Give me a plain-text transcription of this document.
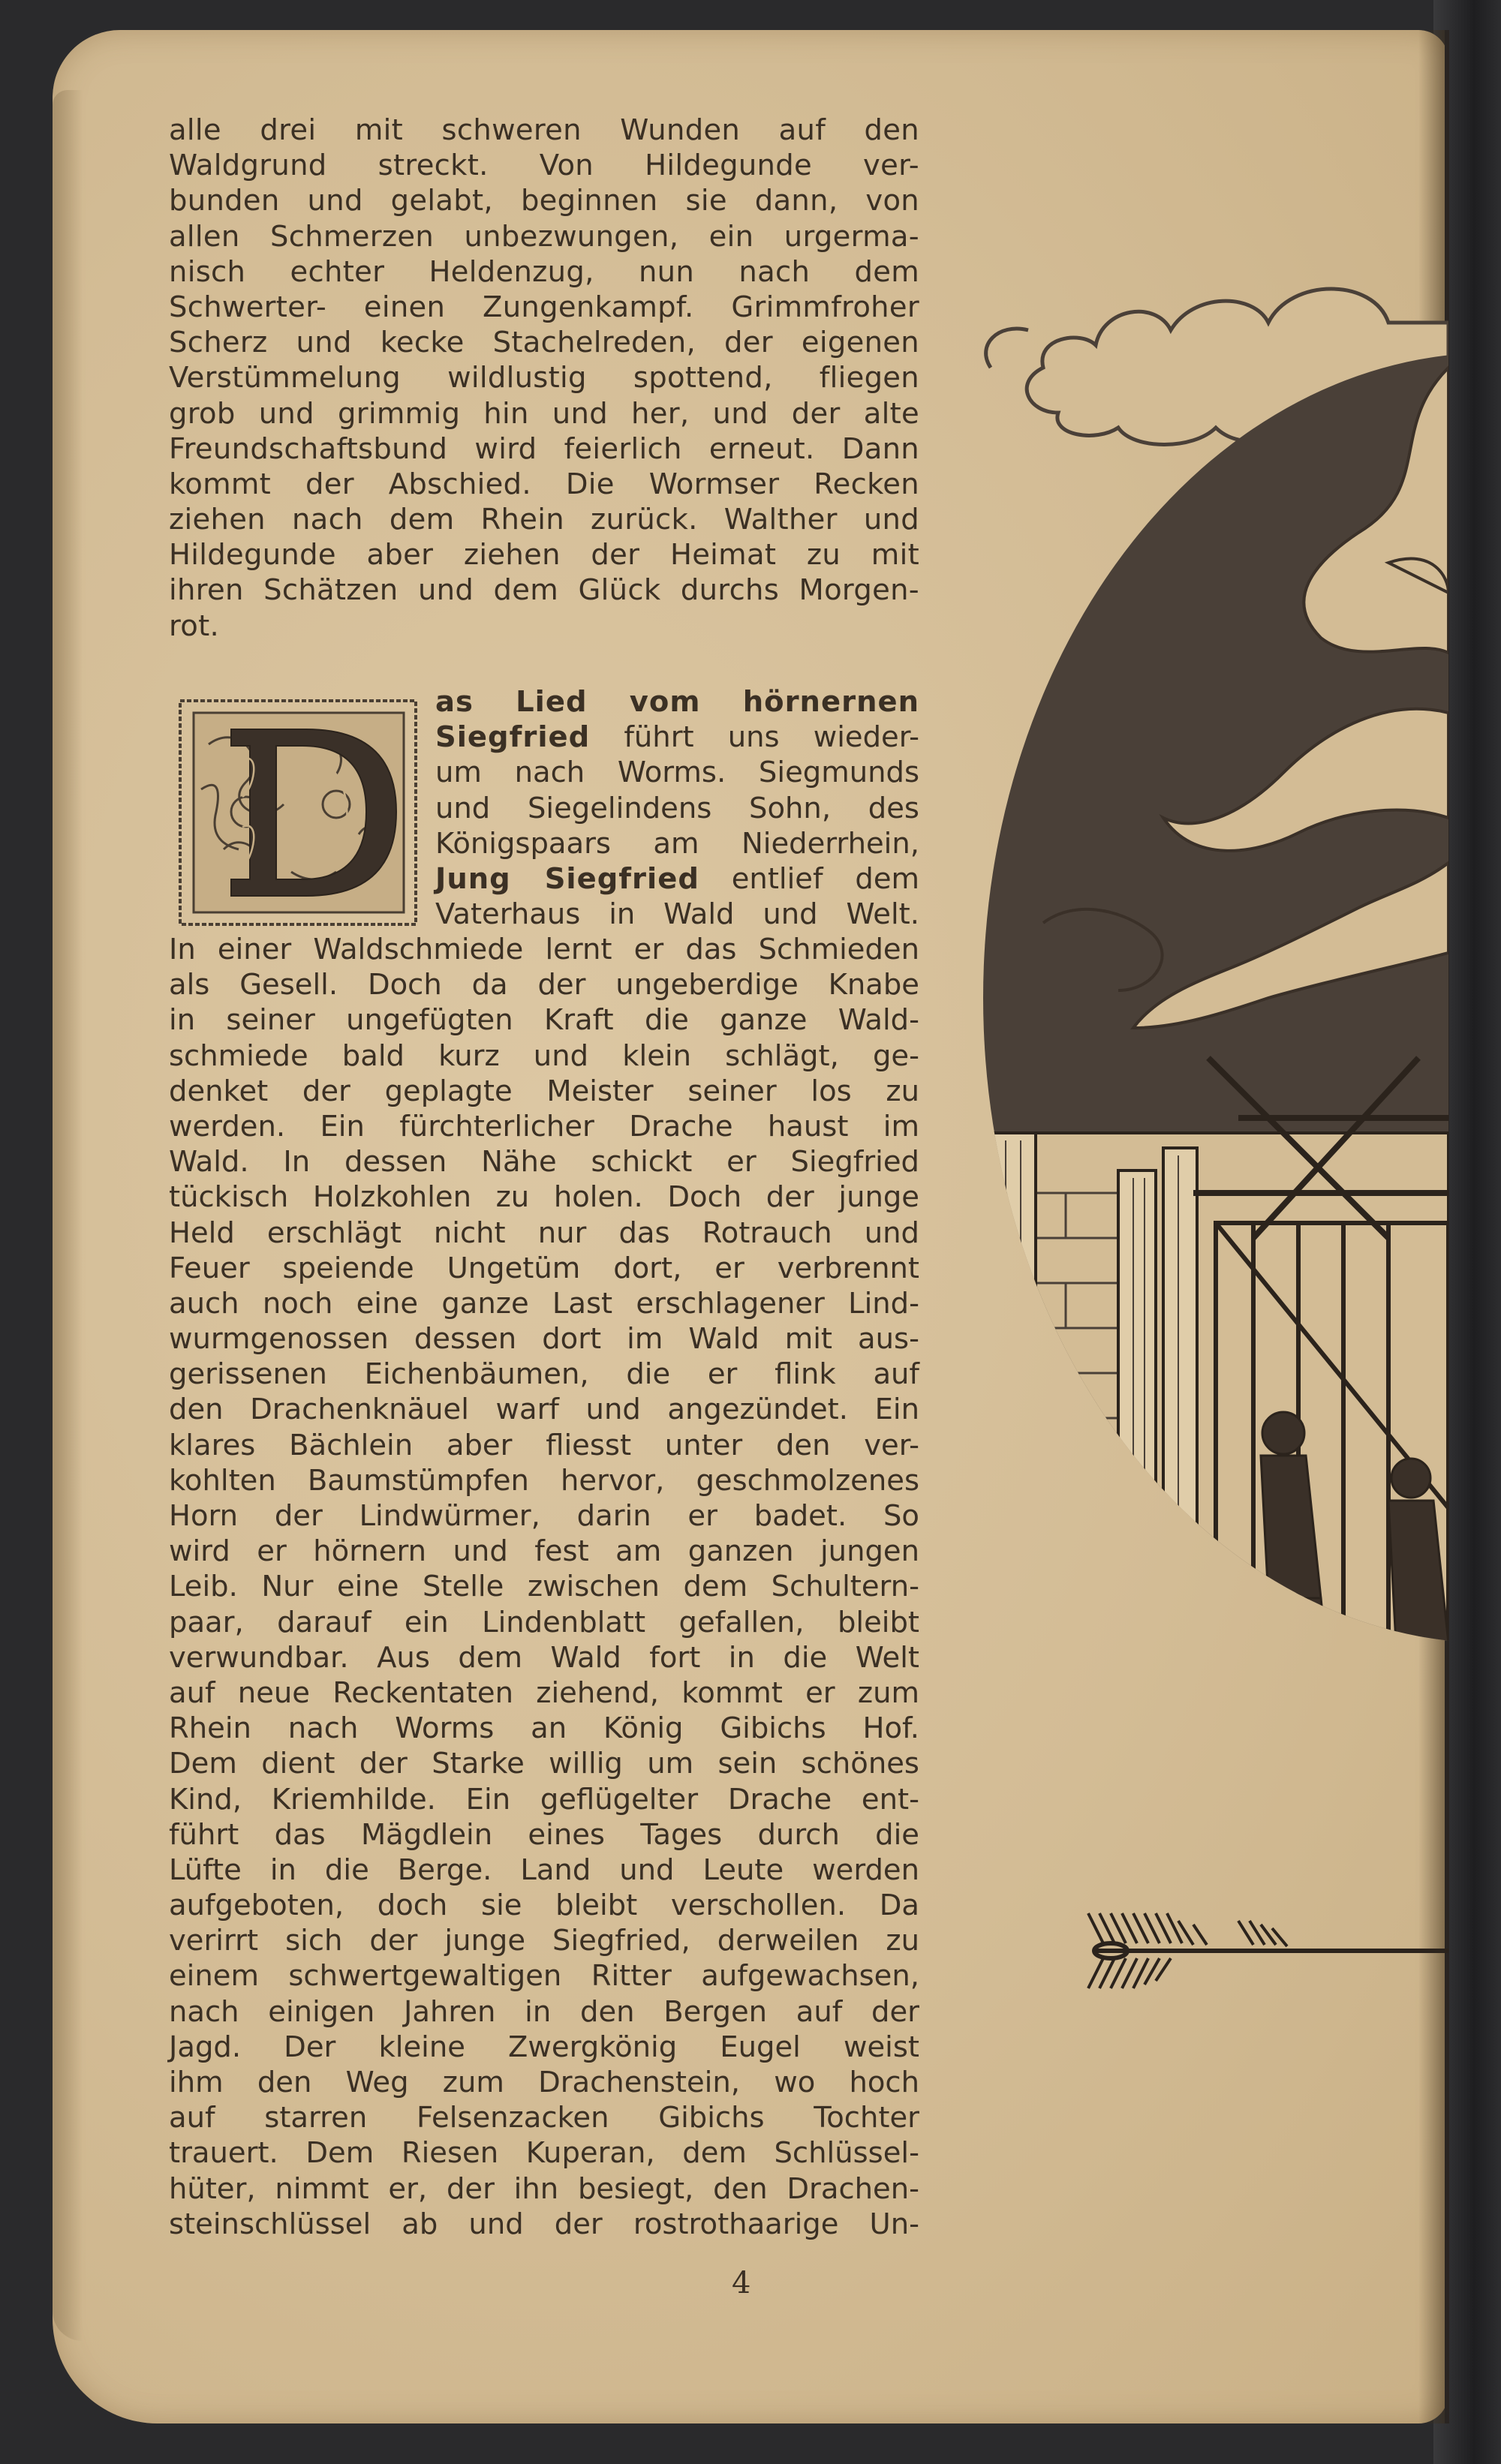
alle drei mit schweren Wunden auf den
Waldgrund streckt. Von Hildegunde ver-
bunden und gelabt, beginnen sie dann, von
allen Schmerzen unbezwungen, ein urgerma-
nisch echter Heldenzug, nun nach dem
Schwerter- einen Zungenkampf. Grimmfroher
Scherz und kecke Stachelreden, der eigenen
Verstümmelung wildlustig spottend, fliegen
grob und grimmig hin und her, und der alte
Freundschaftsbund wird feierlich erneut. Dann
kommt der Abschied. Die Wormser Recken
ziehen nach dem Rhein zurück. Walther und
Hildegunde aber ziehen der Heimat zu mit
ihren Schätzen und dem Glück durchs Morgen-
rot.
as Lied vom hörnernen
Siegfried führt uns wieder-
um nach Worms. Siegmunds
und Siegelindens Sohn, des
Königspaars am Niederrhein,
Jung Siegfried entlief dem
Vaterhaus in Wald und Welt.
In einer Waldschmiede lernt er das Schmieden
als Gesell. Doch da der ungeberdige Knabe
in seiner ungefügten Kraft die ganze Wald-
schmiede bald kurz und klein schlägt, ge-
denket der geplagte Meister seiner los zu
werden. Ein fürchterlicher Drache haust im
Wald. In dessen Nähe schickt er Siegfried
tückisch Holzkohlen zu holen. Doch der junge
Held erschlägt nicht nur das Rotrauch und
Feuer speiende Ungetüm dort, er verbrennt
auch noch eine ganze Last erschlagener Lind-
wurmgenossen dessen dort im Wald mit aus-
gerissenen Eichenbäumen, die er flink auf
den Drachenknäuel warf und angezündet. Ein
klares Bächlein aber fliesst unter den ver-
kohlten Baumstümpfen hervor, geschmolzenes
Horn der Lindwürmer, darin er badet. So
wird er hörnern und fest am ganzen jungen
Leib. Nur eine Stelle zwischen dem Schultern-
paar, darauf ein Lindenblatt gefallen, bleibt
verwundbar. Aus dem Wald fort in die Welt
auf neue Reckentaten ziehend, kommt er zum
Rhein nach Worms an König Gibichs Hof.
Dem dient der Starke willig um sein schönes
Kind, Kriemhilde. Ein geflügelter Drache ent-
führt das Mägdlein eines Tages durch die
Lüfte in die Berge. Land und Leute werden
aufgeboten, doch sie bleibt verschollen. Da
verirrt sich der junge Siegfried, derweilen zu
einem schwertgewaltigen Ritter aufgewachsen,
nach einigen Jahren in den Bergen auf der
Jagd. Der kleine Zwergkönig Eugel weist
ihm den Weg zum Drachenstein, wo hoch
auf starren Felsenzacken Gibichs Tochter
trauert. Dem Riesen Kuperan, dem Schlüssel-
hüter, nimmt er, der ihn besiegt, den Drachen-
steinschlüssel ab und der rostrothaarige Un-
4
